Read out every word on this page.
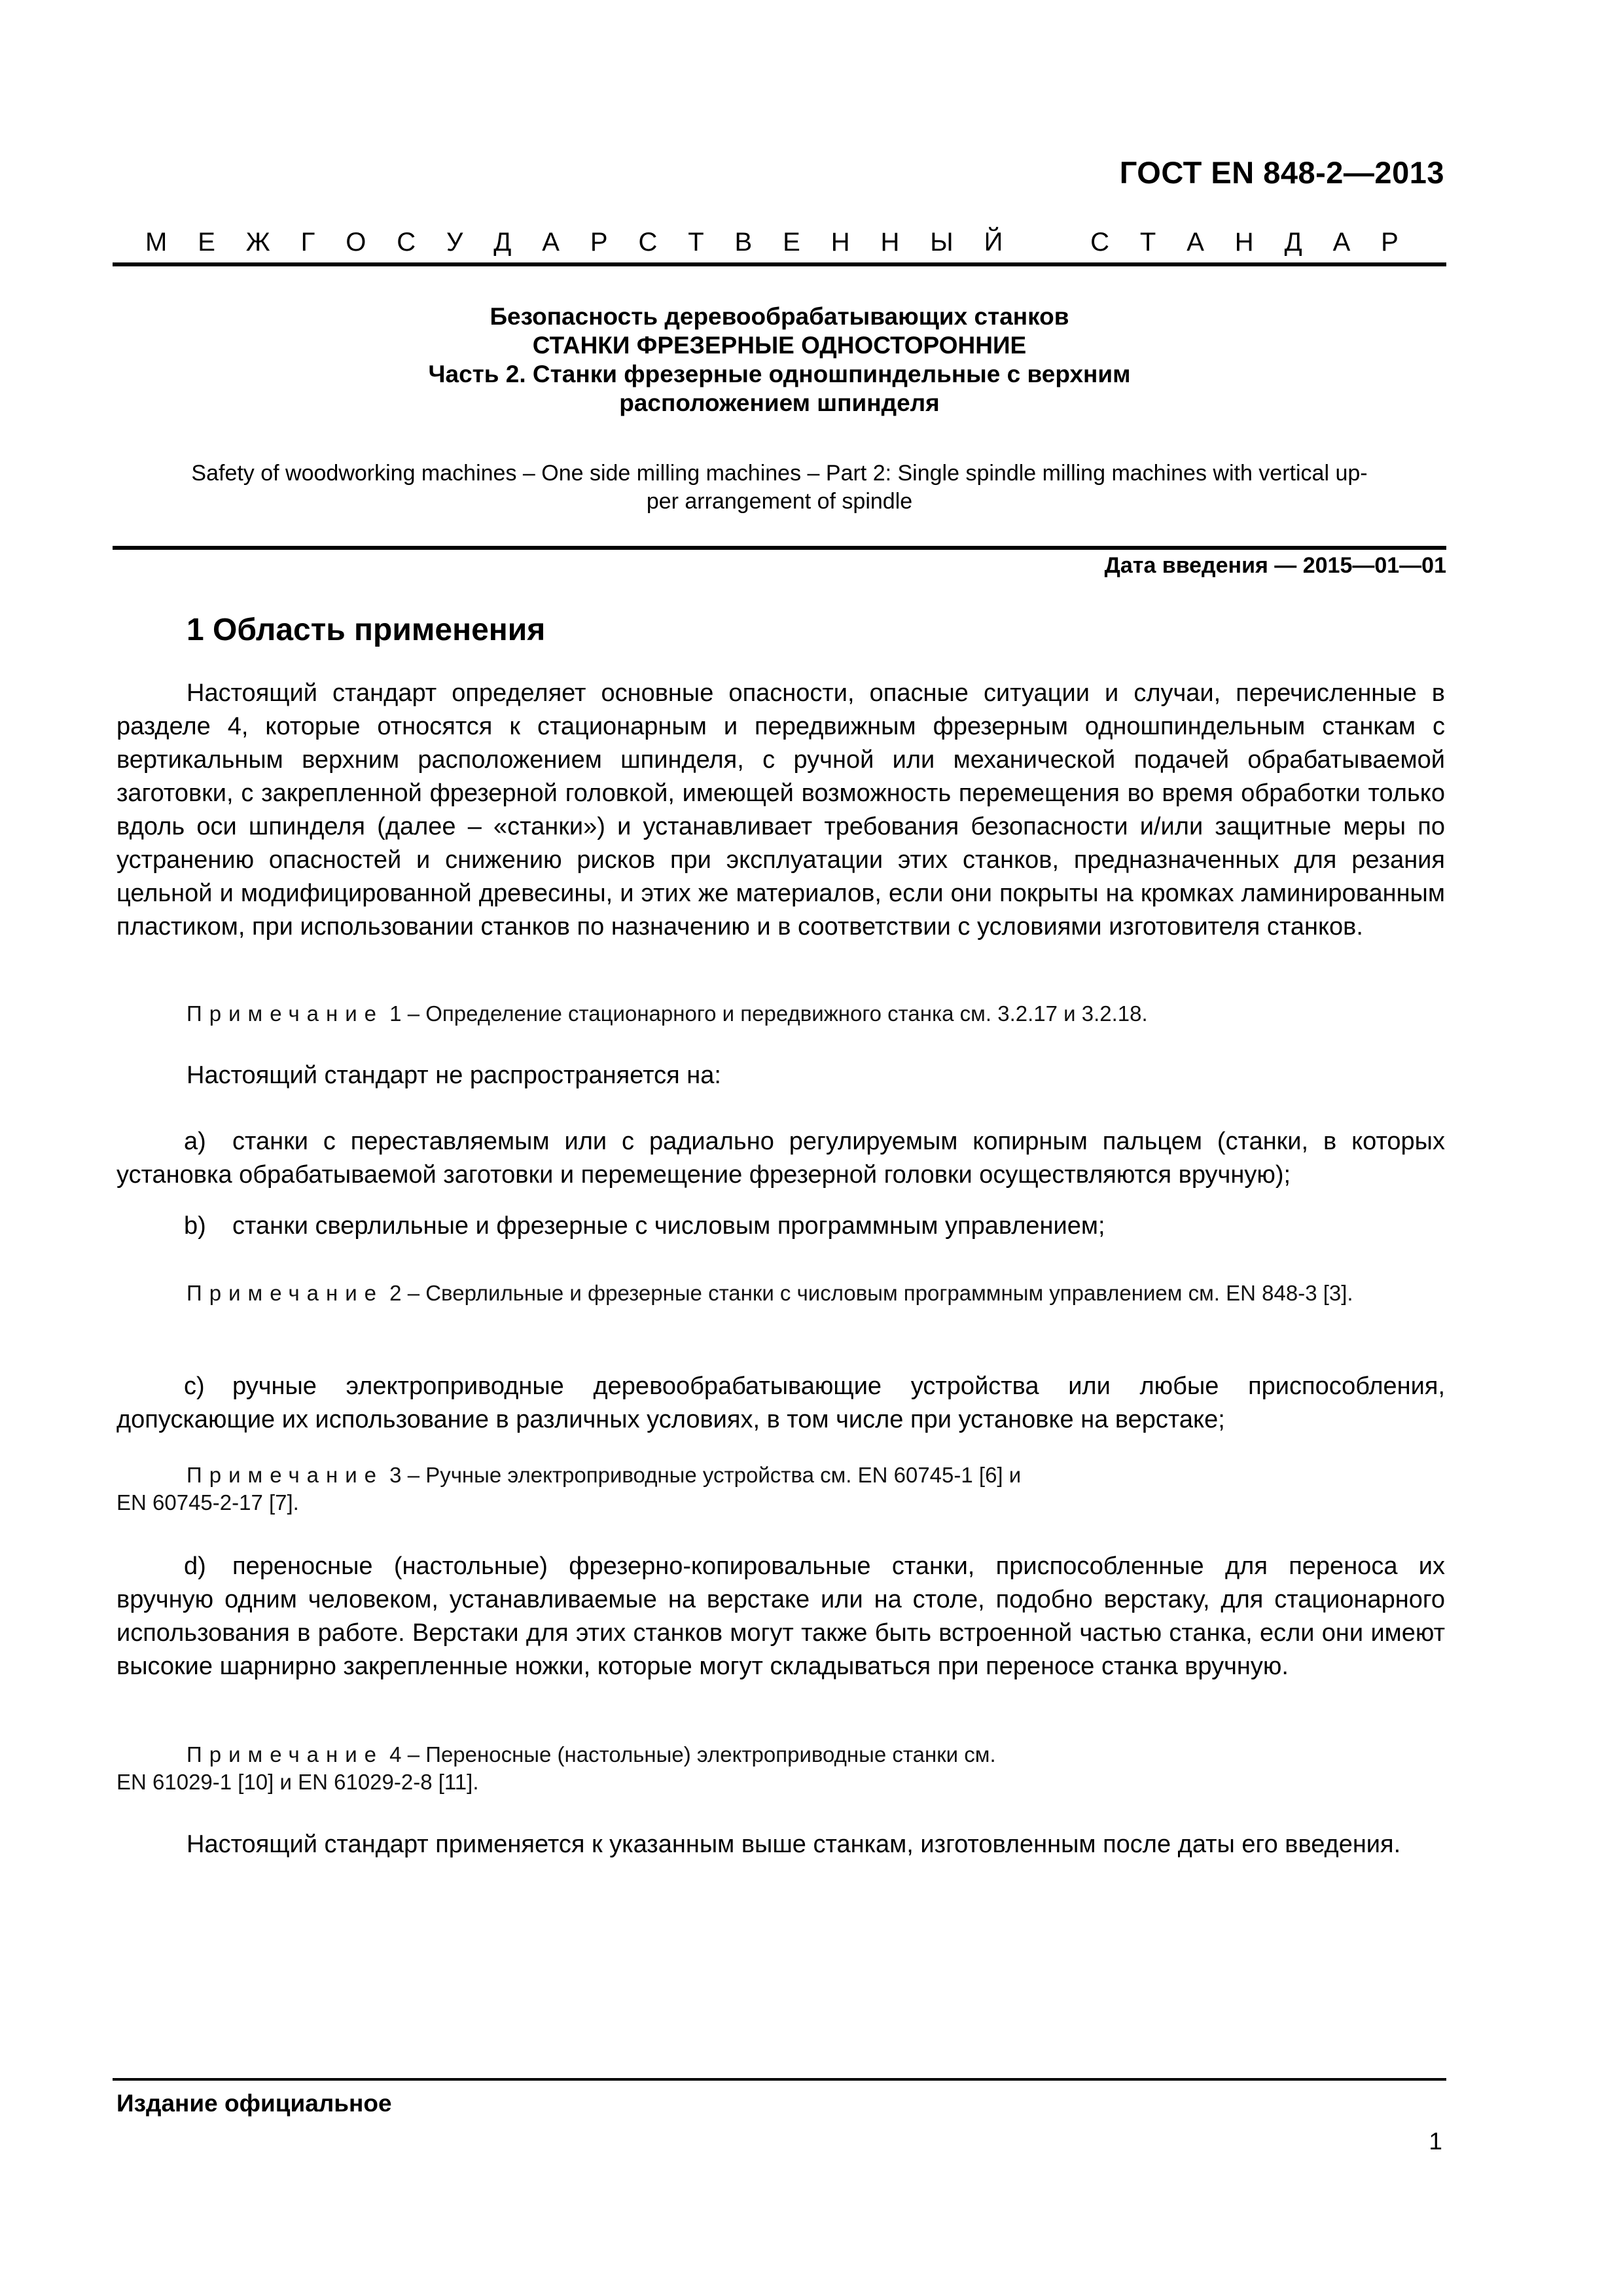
ГОСТ EN 848-2—2013
М Е Ж Г О С У Д А Р С Т В Е Н Н Ы Й	С Т А Н Д А Р
Безопасность деревообрабатывающих станков
СТАНКИ ФРЕЗЕРНЫЕ ОДНОСТОРОННИЕ
Часть 2. Станки фрезерные одношпиндельные с верхним
расположением шпинделя
Safety of woodworking machines – One side milling machines – Part 2: Single spindle milling machines with vertical up-
per arrangement of spindle
Дата введения — 2015—01—01
1 Область применения
Настоящий стандарт определяет основные опасности, опасные ситуации и случаи, перечисленные в разделе 4, которые относятся к стационарным и передвижным фрезерным одношпиндельным станкам с вертикальным верхним расположением шпинделя, с ручной или механической подачей обрабатываемой заготовки, с закрепленной фрезерной головкой, имеющей возможность перемещения во время обработки только вдоль оси шпинделя (далее – «станки») и устанавливает требования безопасности и/или защитные меры по устранению опасностей и снижению рисков при эксплуатации этих станков, предназначенных для резания цельной и модифицированной древесины, и этих же материалов, если они покрыты на кромках ламинированным пластиком, при использовании станков по назначению и в соответствии с условиями изготовителя станков.
Примечание 1 – Определение стационарного и передвижного станка см. 3.2.17 и 3.2.18.
Настоящий стандарт не распространяется на:
а) станки с переставляемым или с радиально регулируемым копирным пальцем (станки, в которых установка обрабатываемой заготовки и перемещение фрезерной головки осуществляются вручную);
b) станки сверлильные и фрезерные с числовым программным управлением;
Примечание 2 – Сверлильные и фрезерные станки с числовым программным управлением см. EN 848-3 [3].
c) ручные электроприводные деревообрабатывающие устройства или любые приспособления, допускающие их использование в различных условиях, в том числе при установке на верстаке;
Примечание 3 – Ручные электроприводные устройства см. EN 60745-1 [6] и
EN 60745-2-17 [7].
d) переносные (настольные) фрезерно-копировальные станки, приспособленные для переноса их вручную одним человеком, устанавливаемые на верстаке или на столе, подобно верстаку, для стационарного использования в работе. Верстаки для этих станков могут также быть встроенной частью станка, если они имеют высокие шарнирно закрепленные ножки, которые могут складываться при переносе станка вручную.
Примечание 4 – Переносные (настольные) электроприводные станки см.
EN 61029-1 [10] и EN 61029-2-8 [11].
Настоящий стандарт применяется к указанным выше станкам, изготовленным после даты его введения.
Издание официальное
1
